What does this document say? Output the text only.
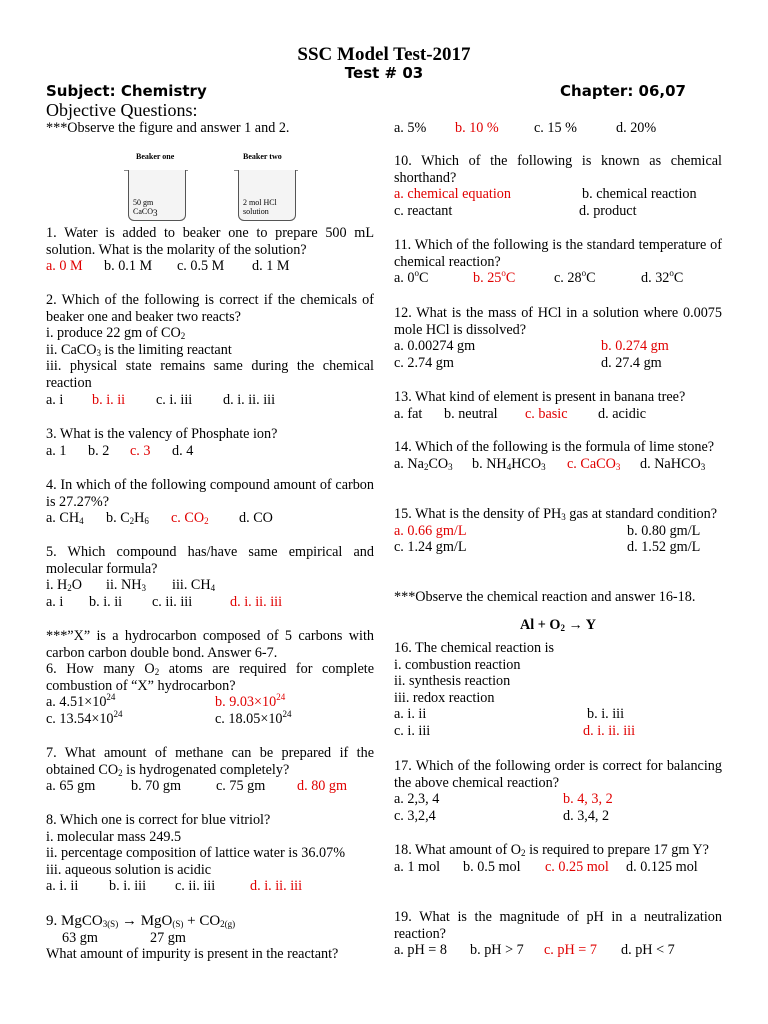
SSC Model Test-2017
Test # 03
Subject: Chemistry	Chapter: 06,07
Objective Questions:
***Observe the figure and answer 1 and 2.
Beaker one	Beaker two
50 gm
CaCO$_3$
2 mol HCl
solution
1. Water is added to beaker one to prepare 500 mL solution. What is the molarity of the solution?
a. 0 M b. 0.1 M c. 0.5 M d. 1 M
2. Which of the following is correct if the chemicals of beaker one and beaker two reacts?
i. produce 22 gm of $CO_2$
ii. CaCO$_3$ is the limiting reactant
iii. physical state remains same during the chemical reaction
a. i b. i. ii c. i. iii d. i. ii. iii
3. What is the valency of Phosphate ion?
a. 1 b. 2 c. 3 d. 4
4. In which of the following compound amount of carbon is 27.27%?
a. $CH_4$ b. $C_2H_6$ c. $CO_2$ d. CO
5. Which compound has/have same empirical and molecular formula?
i. $H_2O$ ii. $NH_3$ iii. $CH_4$
a. i b. i. ii c. ii. iii	d. i. ii. iii
***”X” is a hydrocarbon composed of 5 carbons with carbon carbon double bond. Answer 6-7.
6. How many $O_2$ atoms are required for complete combustion of “X” hydrocarbon?
a. $4.51\times 10^{24}$	b. $9.03\times 10^{24}$
c. $13.54\times 10^{24}$	c. $18.05\times 10^{24}$
7. What amount of methane can be prepared if the obtained $CO_2$ is hydrogenated completely?
a. 65 gm	b. 70 gm c. 75 gm d. 80 gm
8. Which one is correct for blue vitriol?
i. molecular mass 249.5
ii. percentage composition of lattice water is 36.07%
iii. aqueous solution is acidic
a. i. ii b. i. iii c. ii. iii d. i. ii. iii
9. MgCO$_{3(S)}$ → $MgO_{(S)} + CO_{2(g)}$
63 gm	27 gm
What amount of impurity is present in the reactant?
a. 5% b. 10 % c. 15 %	d. 20%
10. Which of the following is known as chemical shorthand?
a. chemical equation	b. chemical reaction
c. reactant	d. product
11. Which of the following is the standard temperature of chemical reaction?
a. 0$^o$C	b. 25$^o$C	c. 28$^o$C	d. 32$^o$C
12. What is the mass of HCl in a solution where 0.0075 mole HCl is dissolved?
a. 0.00274 gm	b. 0.274 gm
c. 2.74 gm	d. 27.4 gm
13. What kind of element is present in banana tree?
a. fat b. neutral c. basic d. acidic
14. Which of the following is the formula of lime stone?
a. $Na_2CO_3$ b. $NH_4HCO_3$ c. CaCO$_3$ d. NaHCO$_3$
15. What is the density of $PH_3$ gas at standard condition?
a. 0.66 gm/L	b. 0.80 gm/L
c. 1.24 gm/L	d. 1.52 gm/L
***Observe the chemical reaction and answer 16-18.
$Al + O_2 \to Y$
16. The chemical reaction is
i. combustion reaction
ii. synthesis reaction
iii. redox reaction
a. i. ii	b. i. iii
c. i. iii	d. i. ii. iii
17. Which of the following order is correct for balancing the above chemical reaction?
a. 2,3, 4	b. 4, 3, 2
c. 3,2,4	d. 3,4, 2
18. What amount of $O_2$ is required to prepare 17 gm Y?
a. 1 mol b. 0.5 mol c. 0.25 mol d. 0.125 mol
19. What is the magnitude of pH in a neutralization reaction?
a. pH = 8 b. pH > 7 c. pH = 7 d. pH < 7
